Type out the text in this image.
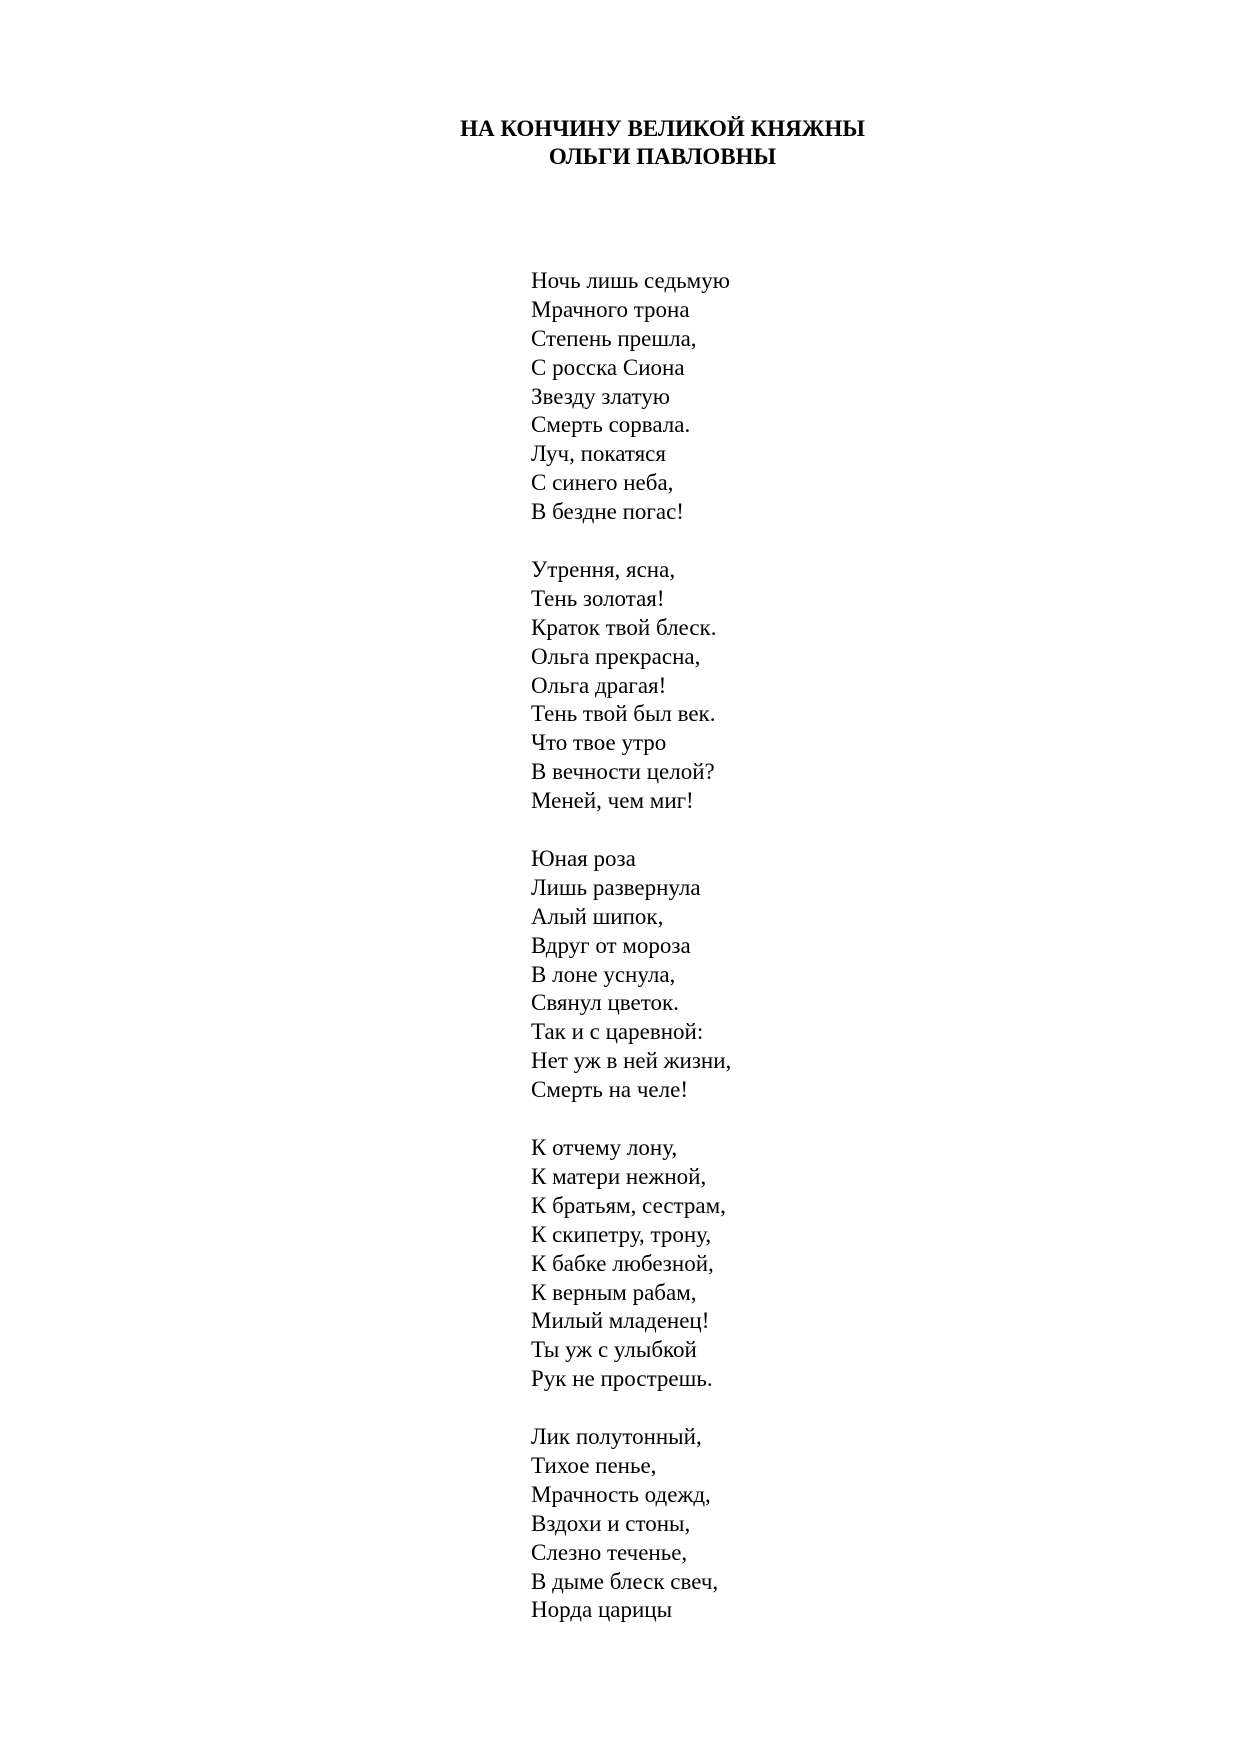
НА КОНЧИНУ ВЕЛИКОЙ КНЯЖНЫ
ОЛЬГИ ПАВЛОВНЫ
Ночь лишь седьмую
Мрачного трона
Степень прешла,
С росска Сиона
Звезду златую
Смерть сорвала.
Луч, покатяся
С синего неба,
В бездне погас!
Утрення, ясна,
Тень золотая!
Краток твой блеск.
Ольга прекрасна,
Ольга драгая!
Тень твой был век.
Что твое утро
В вечности целой?
Меней, чем миг!
Юная роза
Лишь развернула
Алый шипок,
Вдруг от мороза
В лоне уснула,
Свянул цветок.
Так и с царевной:
Нет уж в ней жизни,
Смерть на челе!
К отчему лону,
К матери нежной,
К братьям, сестрам,
К скипетру, трону,
К бабке любезной,
К верным рабам,
Милый младенец!
Ты уж с улыбкой
Рук не прострешь.
Лик полутонный,
Тихое пенье,
Мрачность одежд,
Вздохи и стоны,
Слезно теченье,
В дыме блеск свеч,
Норда царицы
